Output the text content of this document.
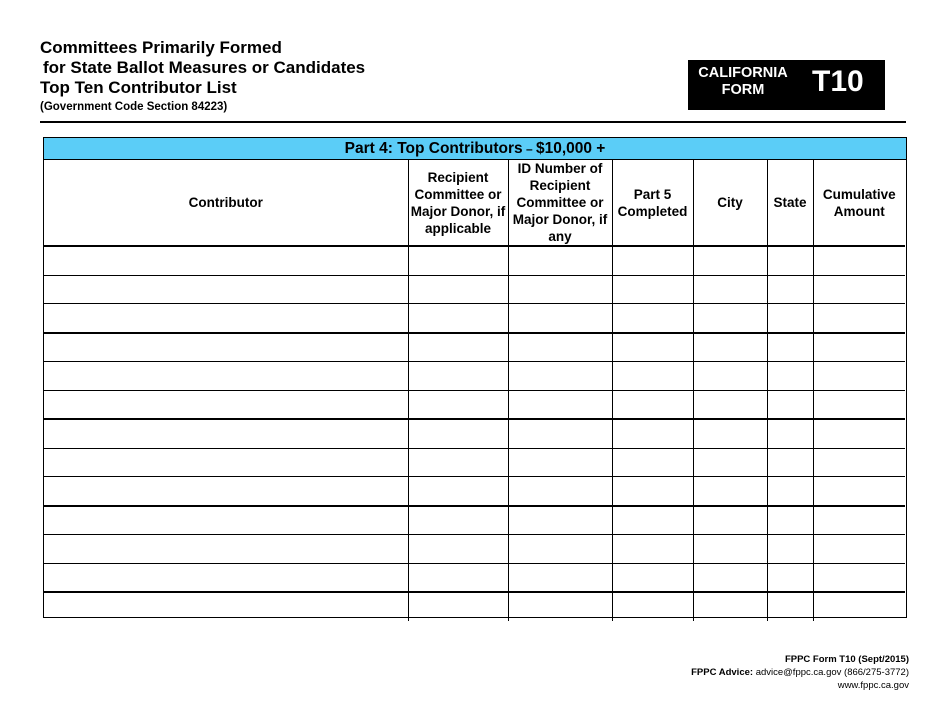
Committees Primarily Formed
for State Ballot Measures or Candidates
Top Ten Contributor List
(Government Code Section 84223)
CALIFORNIA
FORM	T10
Part 4: Top Contributors – $10,000 +
Contributor	Recipient Committee or Major Donor, if applicable	ID Number of Recipient Committee or Major Donor, if any	Part 5 Completed	City	State	Cumulative Amount

FPPC Form T10 (Sept/2015)
FPPC Advice: advice@fppc.ca.gov (866/275-3772)
www.fppc.ca.gov
